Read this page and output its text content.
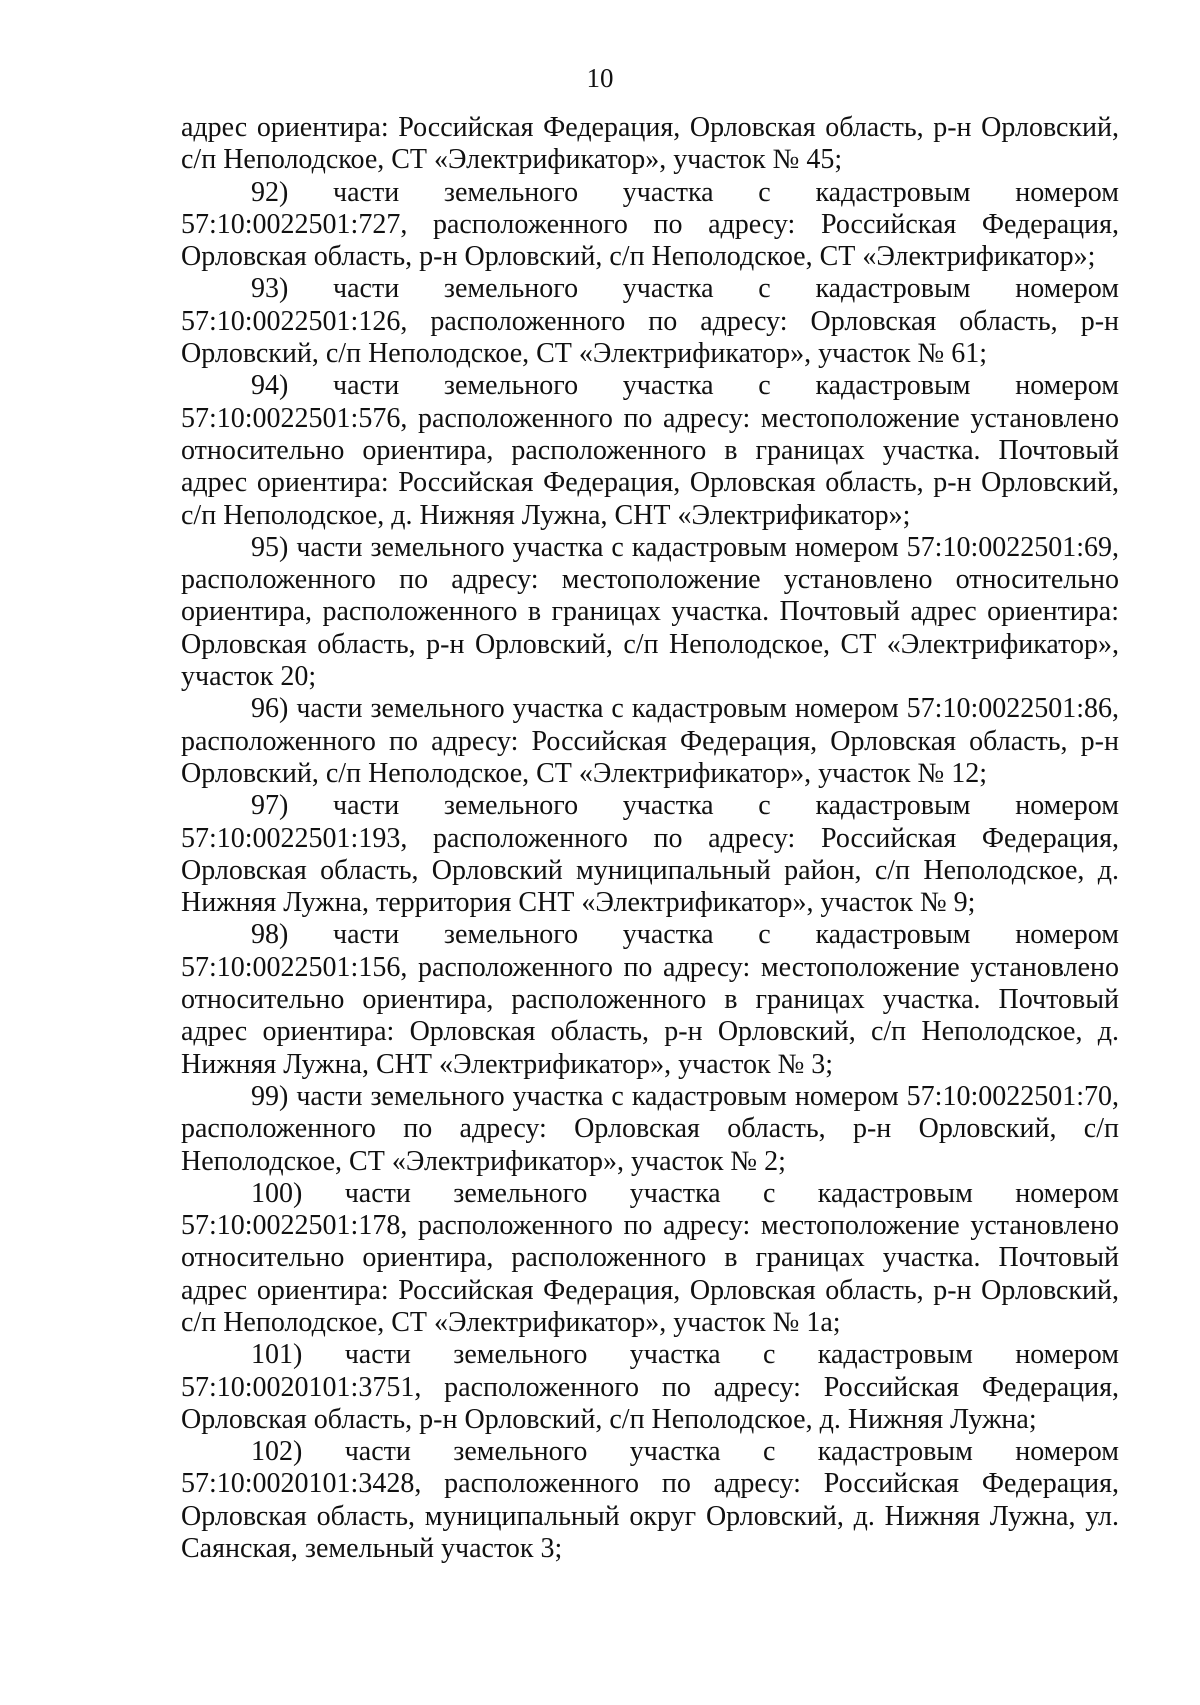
10

адрес ориентира: Российская Федерация, Орловская область, р-н Орловский, с/п Неполодское, СТ «Электрификатор», участок № 45;

92) части земельного участка с кадастровым номером 57:10:0022501:727, расположенного по адресу: Российская Федерация, Орловская область, р-н Орловский, с/п Неполодское, СТ «Электрификатор»;

93) части земельного участка с кадастровым номером 57:10:0022501:126, расположенного по адресу: Орловская область, р-н Орловский, с/п Неполодское, СТ «Электрификатор», участок № 61;

94) части земельного участка с кадастровым номером 57:10:0022501:576, расположенного по адресу: местоположение установлено относительно ориентира, расположенного в границах участка. Почтовый адрес ориентира: Российская Федерация, Орловская область, р-н Орловский, с/п Неполодское, д. Нижняя Лужна, СНТ «Электрификатор»;

95) части земельного участка с кадастровым номером 57:10:0022501:69, расположенного по адресу: местоположение установлено относительно ориентира, расположенного в границах участка. Почтовый адрес ориентира: Орловская область, р-н Орловский, с/п Неполодское, СТ «Электрификатор», участок 20;

96) части земельного участка с кадастровым номером 57:10:0022501:86, расположенного по адресу: Российская Федерация, Орловская область, р-н Орловский, с/п Неполодское, СТ «Электрификатор», участок № 12;

97) части земельного участка с кадастровым номером 57:10:0022501:193, расположенного по адресу: Российская Федерация, Орловская область, Орловский муниципальный район, с/п Неполодское, д. Нижняя Лужна, территория СНТ «Электрификатор», участок № 9;

98) части земельного участка с кадастровым номером 57:10:0022501:156, расположенного по адресу: местоположение установлено относительно ориентира, расположенного в границах участка. Почтовый адрес ориентира: Орловская область, р-н Орловский, с/п Неполодское, д. Нижняя Лужна, СНТ «Электрификатор», участок № 3;

99) части земельного участка с кадастровым номером 57:10:0022501:70, расположенного по адресу: Орловская область, р-н Орловский, с/п Неполодское, СТ «Электрификатор», участок № 2;

100) части земельного участка с кадастровым номером 57:10:0022501:178, расположенного по адресу: местоположение установлено относительно ориентира, расположенного в границах участка. Почтовый адрес ориентира: Российская Федерация, Орловская область, р-н Орловский, с/п Неполодское, СТ «Электрификатор», участок № 1а;

101) части земельного участка с кадастровым номером 57:10:0020101:3751, расположенного по адресу: Российская Федерация, Орловская область, р-н Орловский, с/п Неполодское, д. Нижняя Лужна;

102) части земельного участка с кадастровым номером 57:10:0020101:3428, расположенного по адресу: Российская Федерация, Орловская область, муниципальный округ Орловский, д. Нижняя Лужна, ул. Саянская, земельный участок 3;
